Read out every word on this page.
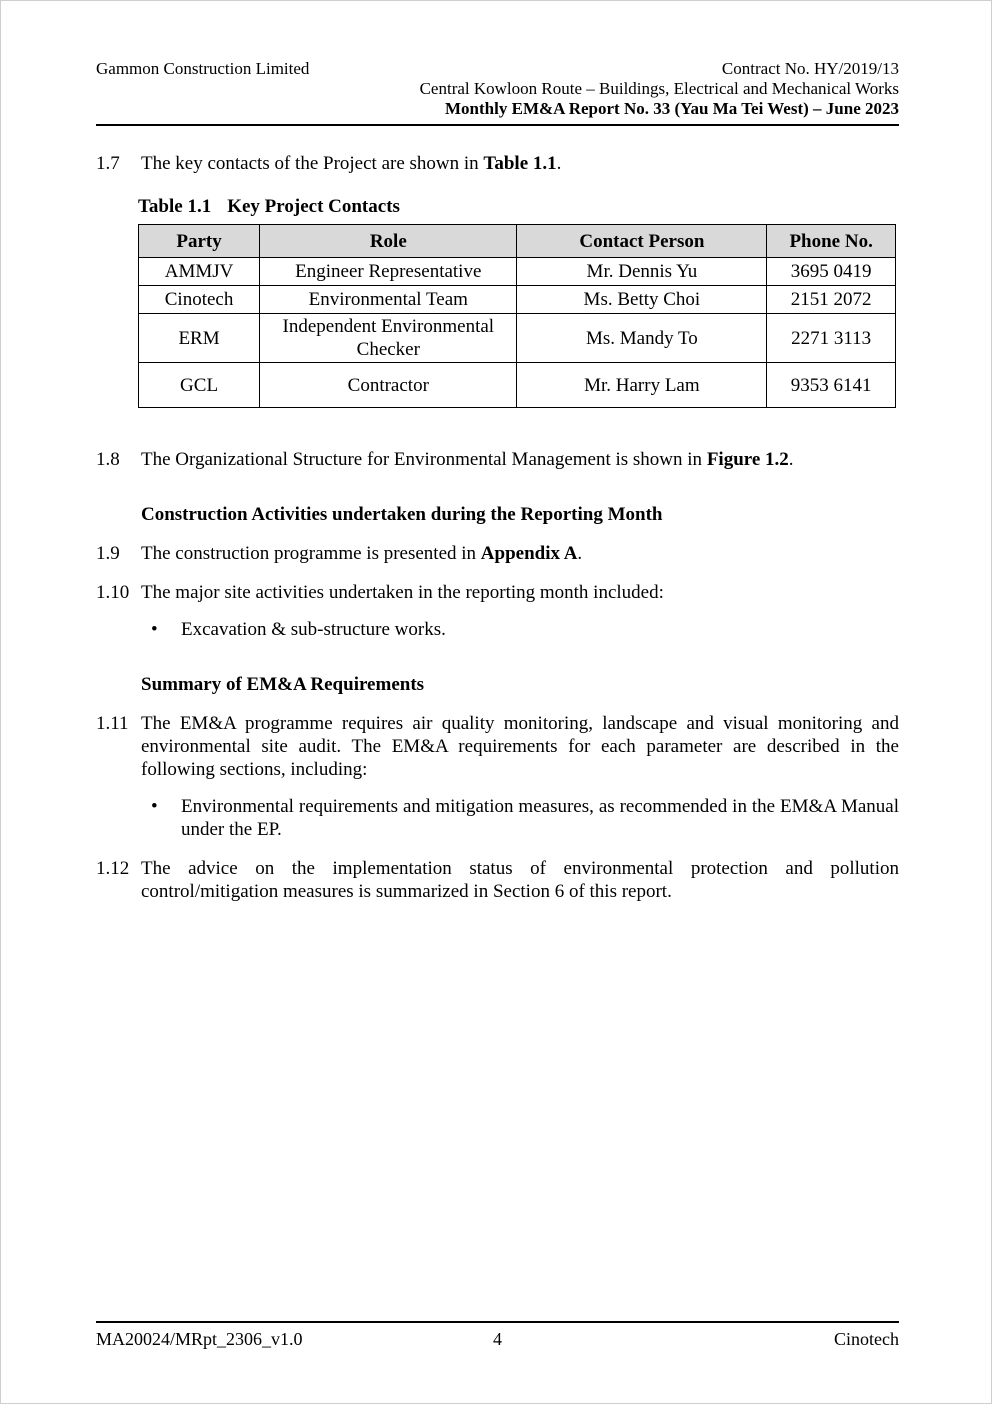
Gammon Construction Limited	Contract No. HY/2019/13
Central Kowloon Route – Buildings, Electrical and Mechanical Works
Monthly EM&A Report No. 33 (Yau Ma Tei West) – June 2023
1.7	The key contacts of the Project are shown in Table 1.1.
Table 1.1 Key Project Contacts
Party	Role	Contact Person	Phone No.
AMMJV	Engineer Representative	Mr. Dennis Yu	3695 0419
Cinotech	Environmental Team	Ms. Betty Choi	2151 2072
ERM	Independent Environmental Checker	Ms. Mandy To	2271 3113
GCL	Contractor	Mr. Harry Lam	9353 6141
1.8	The Organizational Structure for Environmental Management is shown in Figure 1.2.
Construction Activities undertaken during the Reporting Month
1.9	The construction programme is presented in Appendix A.
1.10 The major site activities undertaken in the reporting month included:
•	Excavation & sub-structure works.
Summary of EM&A Requirements
1.11 The EM&A programme requires air quality monitoring, landscape and visual monitoring and environmental site audit. The EM&A requirements for each parameter are described in the following sections, including:
•	Environmental requirements and mitigation measures, as recommended in the EM&A Manual under the EP.
1.12 The advice on the implementation status of environmental protection and pollution control/mitigation measures is summarized in Section 6 of this report.
MA20024/MRpt_2306_v1.0	4	Cinotech
